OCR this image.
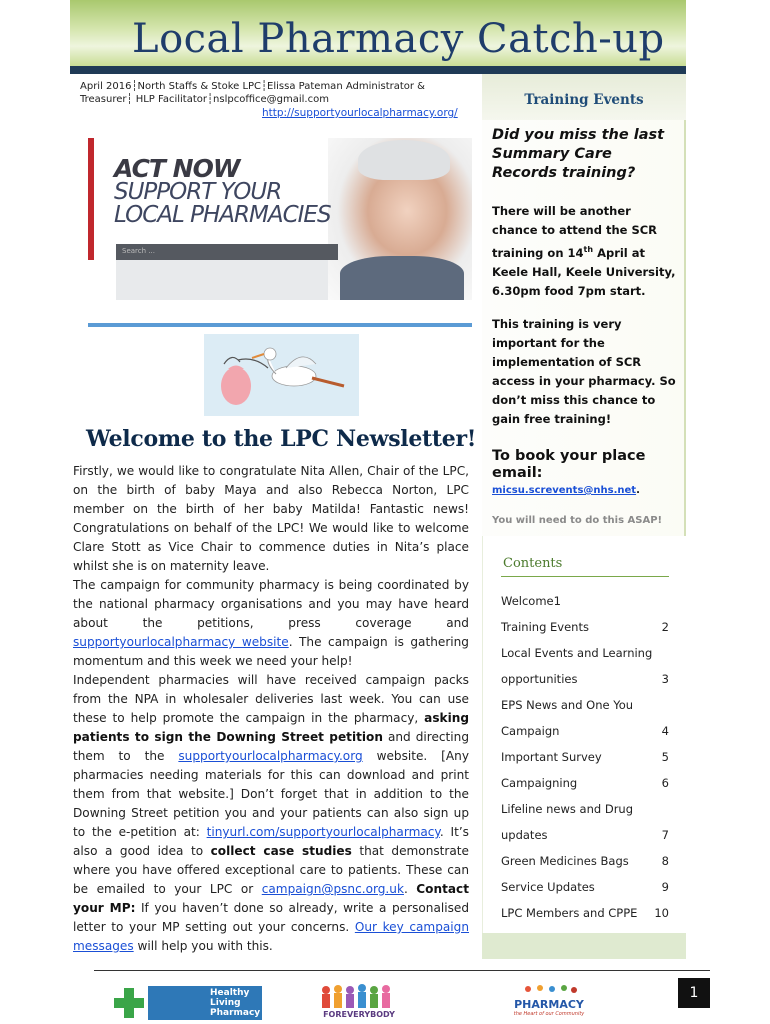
Local Pharmacy Catch-up
April 2016┆North Staffs & Stoke LPC┆Elissa Pateman Administrator & Treasurer┆ HLP Facilitator┆nslpcoffice@gmail.com
http://supportyourlocalpharmacy.org/
ACT NOW
SUPPORT YOUR
LOCAL PHARMACIES
Search ...
Welcome to the LPC Newsletter!

Firstly, we would like to congratulate Nita Allen, Chair of the LPC, on the birth of baby Maya and also Rebecca Norton, LPC member on the birth of her baby Matilda! Fantastic news! Congratulations on behalf of the LPC! We would like to welcome Clare Stott as Vice Chair to commence duties in Nita’s place whilst she is on maternity leave.

The campaign for community pharmacy is being coordinated by the national pharmacy organisations and you may have heard about the petitions, press coverage and supportyourlocalpharmacy website. The campaign is gathering momentum and this week we need your help!

Independent pharmacies will have received campaign packs from the NPA in wholesaler deliveries last week. You can use these to help promote the campaign in the pharmacy, asking patients to sign the Downing Street petition and directing them to the supportyourlocalpharmacy.org website. [Any pharmacies needing materials for this can download and print them from that website.] Don’t forget that in addition to the Downing Street petition you and your patients can also sign up to the e-petition at: tinyurl.com/supportyourlocalpharmacy. It’s also a good idea to collect case studies that demonstrate where you have offered exceptional care to patients. These can be emailed to your LPC or campaign@psnc.org.uk. Contact your MP: If you haven’t done so already, write a personalised letter to your MP setting out your concerns. Our key campaign messages will help you with this.

Training Events
Did you miss the last Summary Care Records training?
There will be another chance to attend the SCR training on 14th April at Keele Hall, Keele University, 6.30pm food 7pm start.
This training is very important for the implementation of SCR access in your pharmacy. So don’t miss this chance to gain free training!
To book your place email:
micsu.screvents@nhs.net.
You will need to do this ASAP!
Contents
Welcome1
Training Events	2
Local Events and Learning
opportunities	3
EPS News and One You
Campaign	4
Important Survey	5
Campaigning	6
Lifeline news and Drug
updates	7
Green Medicines Bags	8
Service Updates	9
LPC Members and CPPE 10
Healthy Living Pharmacy	FOREVERYBODY
PHARMACY
the Heart of our Community
1
